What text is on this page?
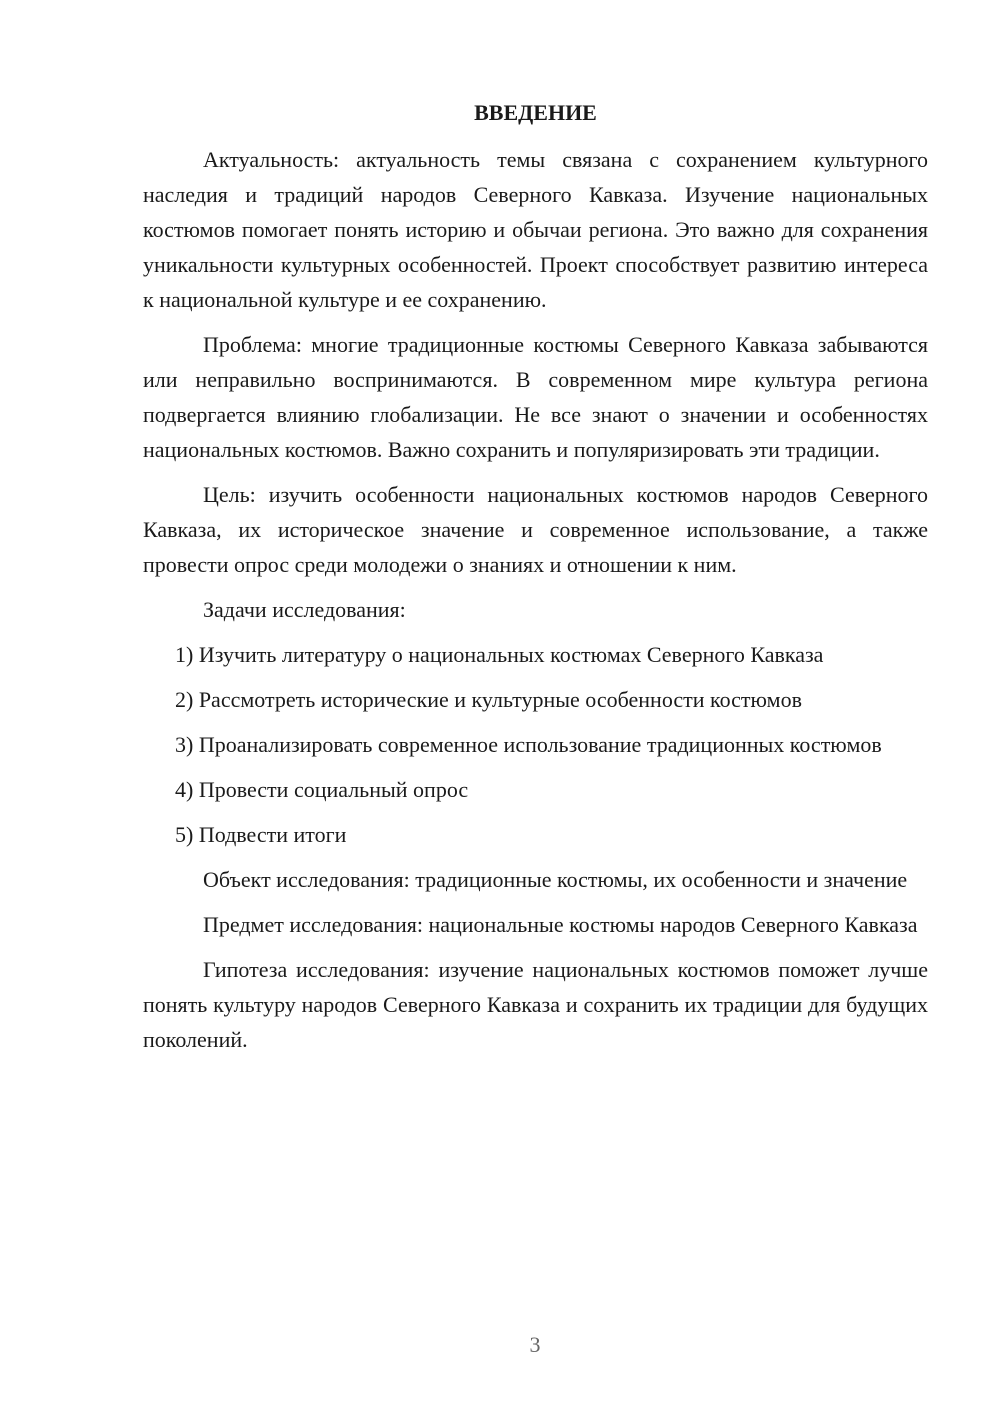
ВВЕДЕНИЕ

Актуальность: актуальность темы связана с сохранением культурного наследия и традиций народов Северного Кавказа. Изучение национальных костюмов помогает понять историю и обычаи региона. Это важно для сохранения уникальности культурных особенностей. Проект способствует развитию интереса к национальной культуре и ее сохранению.

Проблема: многие традиционные костюмы Северного Кавказа забываются или неправильно воспринимаются. В современном мире культура региона подвергается влиянию глобализации. Не все знают о значении и особенностях национальных костюмов. Важно сохранить и популяризировать эти традиции.

Цель: изучить особенности национальных костюмов народов Северного Кавказа, их историческое значение и современное использование, а также провести опрос среди молодежи о знаниях и отношении к ним.

Задачи исследования:

1) Изучить литературу о национальных костюмах Северного Кавказа

2) Рассмотреть исторические и культурные особенности костюмов

3) Проанализировать современное использование традиционных костюмов

4) Провести социальный опрос

5) Подвести итоги

Объект исследования: традиционные костюмы, их особенности и значение

Предмет исследования: национальные костюмы народов Северного Кавказа

Гипотеза исследования: изучение национальных костюмов поможет лучше понять культуру народов Северного Кавказа и сохранить их традиции для будущих поколений.

3
